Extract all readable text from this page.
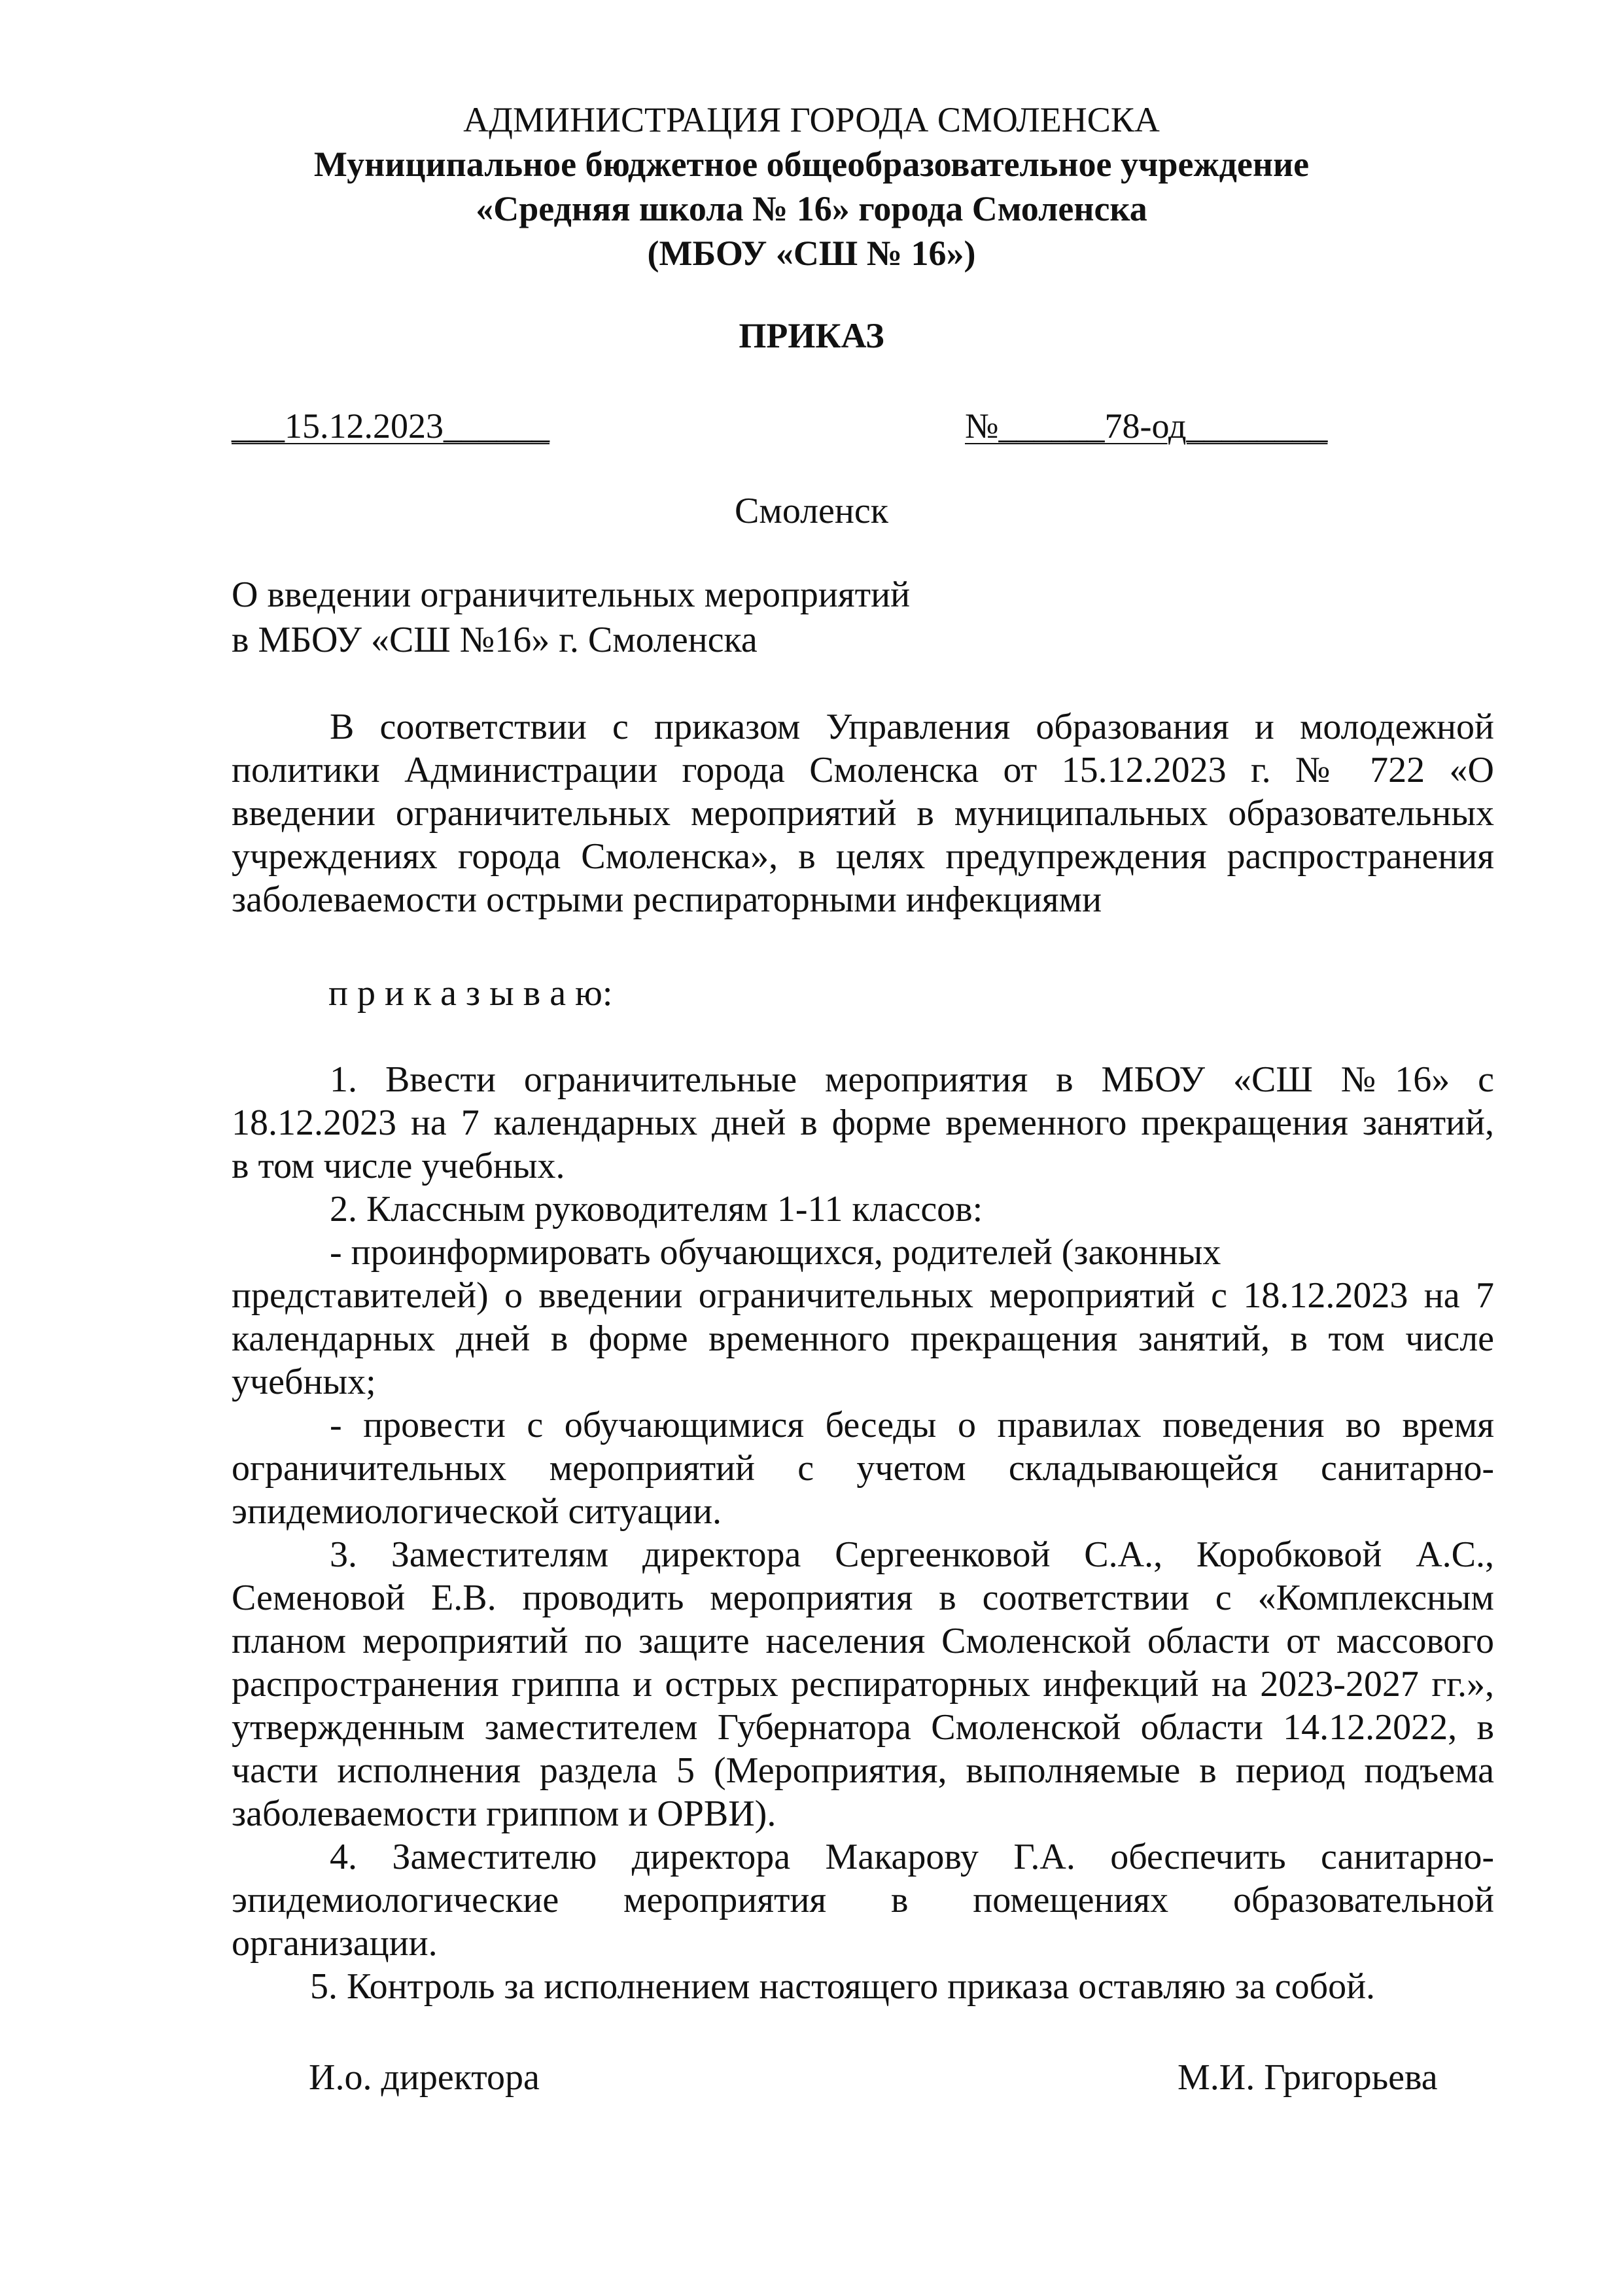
АДМИНИСТРАЦИЯ ГОРОДА СМОЛЕНСКА
Муниципальное бюджетное общеобразовательное учреждение
«Средняя школа № 16» города Смоленска
(МБОУ «СШ № 16»)
ПРИКАЗ
___15.12.2023______	№______78-од________
Смоленск
О введении ограничительных мероприятий
в МБОУ «СШ №16» г. Смоленска
В соответствии с приказом Управления образования и молодежной
политики Администрации города Смоленска от 15.12.2023 г. № 722 «О
введении ограничительных мероприятий в муниципальных образовательных
учреждениях города Смоленска», в целях предупреждения распространения
заболеваемости острыми респираторными инфекциями
п р и к а з ы в а ю:
1. Ввести ограничительные мероприятия в МБОУ «СШ №16» с
18.12.2023 на 7 календарных дней в форме временного прекращения занятий,
в том числе учебных.
2. Классным руководителям 1-11 классов:
- проинформировать обучающихся, родителей (законных
представителей) о введении ограничительных мероприятий с 18.12.2023 на 7
календарных дней в форме временного прекращения занятий, в том числе
учебных;
- провести с обучающимися беседы о правилах поведения во время
ограничительных мероприятий с учетом складывающейся санитарно-
эпидемиологической ситуации.
3. Заместителям директора Сергеенковой С.А., Коробковой А.С.,
Семеновой Е.В. проводить мероприятия в соответствии с «Комплексным
планом мероприятий по защите населения Смоленской области от массового
распространения гриппа и острых респираторных инфекций на 2023-2027 гг.»,
утвержденным заместителем Губернатора Смоленской области 14.12.2022, в
части исполнения раздела 5 (Мероприятия, выполняемые в период подъема
заболеваемости гриппом и ОРВИ).
4. Заместителю директора Макарову Г.А. обеспечить санитарно-
эпидемиологические мероприятия в помещениях образовательной
организации.
5. Контроль за исполнением настоящего приказа оставляю за собой.
И.о. директора	М.И. Григорьева
